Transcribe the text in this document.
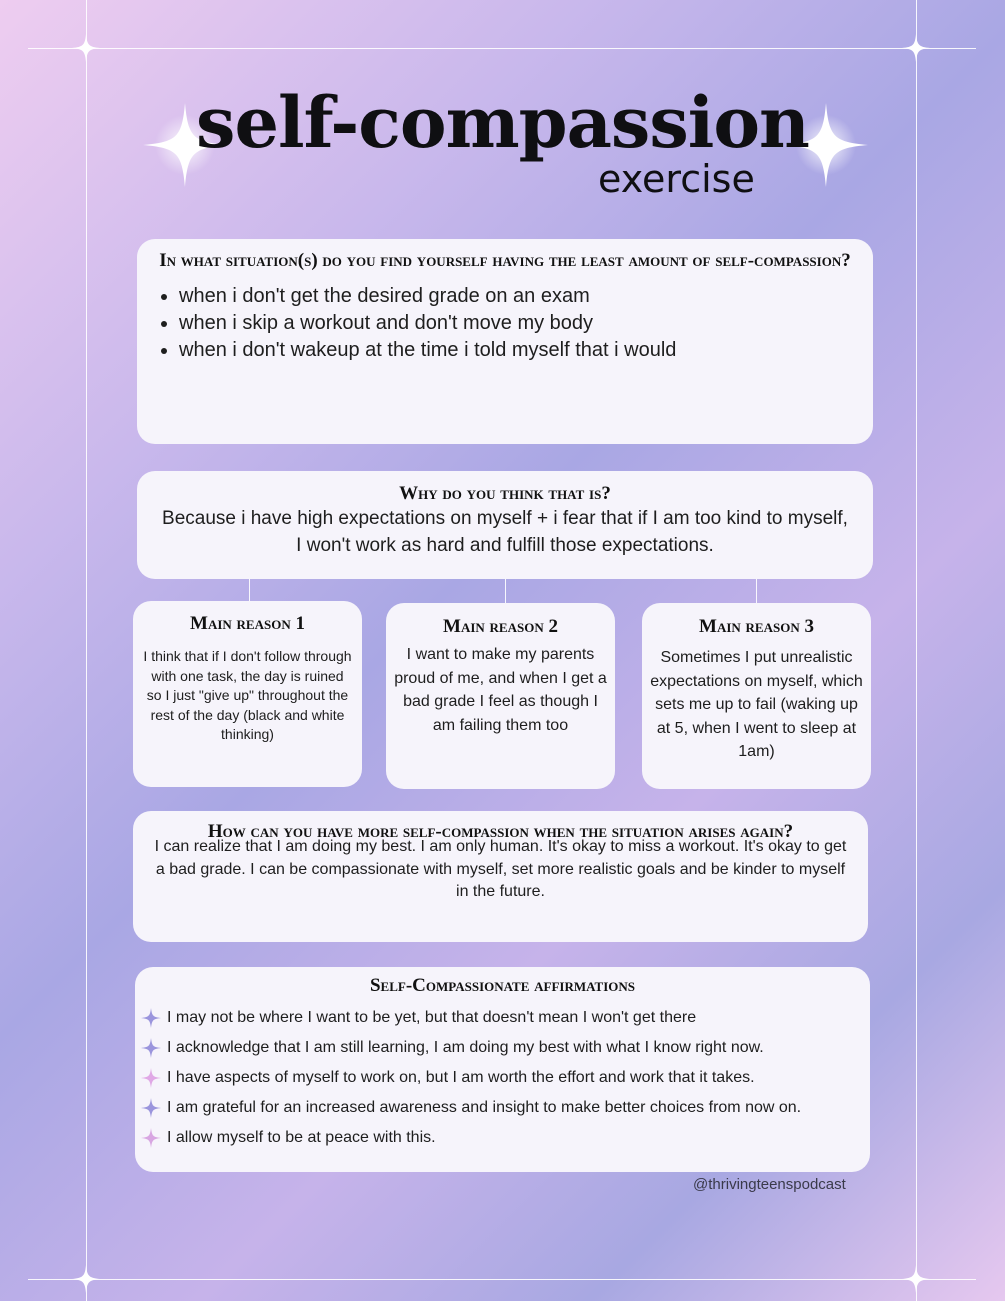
self-compassion
exercise
In what situation(s) do you find yourself having the least amount of self-compassion?
• when i don't get the desired grade on an exam
• when i skip a workout and don't move my body
• when i don't wakeup at the time i told myself that i would
Why do you think that is?
Because i have high expectations on myself + i fear that if I am too kind to myself, I won't work as hard and fulfill those expectations.
Main reason 1
I think that if I don't follow through with one task, the day is ruined so I just "give up" throughout the rest of the day (black and white thinking)
Main reason 2
I want to make my parents proud of me, and when I get a bad grade I feel as though I am failing them too
Main reason 3
Sometimes I put unrealistic expectations on myself, which sets me up to fail (waking up at 5, when I went to sleep at 1am)
How can you have more self-compassion when the situation arises again?
I can realize that I am doing my best. I am only human. It's okay to miss a workout. It's okay to get a bad grade. I can be compassionate with myself, set more realistic goals and be kinder to myself in the future.
Self-Compassionate affirmations
I may not be where I want to be yet, but that doesn't mean I won't get there
I acknowledge that I am still learning, I am doing my best with what I know right now.
I have aspects of myself to work on, but I am worth the effort and work that it takes.
I am grateful for an increased awareness and insight to make better choices from now on.
I allow myself to be at peace with this.
@thrivingteenspodcast
